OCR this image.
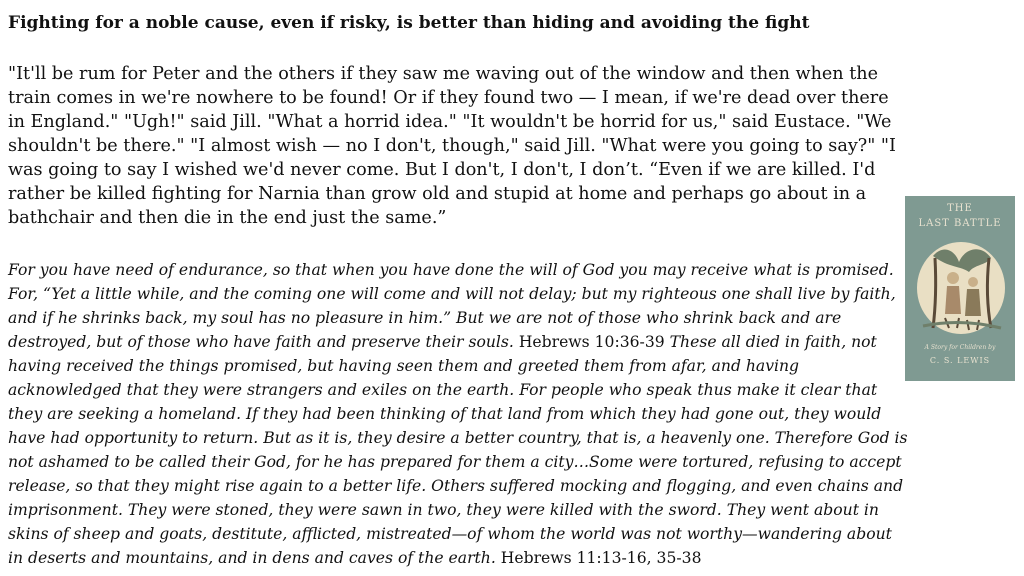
Fighting for a noble cause, even if risky, is better than hiding and avoiding the fight

"It'll be rum for Peter and the others if they saw me waving out of the window and then when the train comes in we're nowhere to be found! Or if they found two — I mean, if we're dead over there in England." "Ugh!" said Jill. "What a horrid idea." "It wouldn't be horrid for us," said Eustace. "We shouldn't be there." "I almost wish — no I don't, though," said Jill. "What were you going to say?" "I was going to say I wished we'd never come. But I don't, I don't, I don’t. “Even if we are killed. I'd rather be killed fighting for Narnia than grow old and stupid at home and perhaps go about in a bathchair and then die in the end just the same.”

For you have need of endurance, so that when you have done the will of God you may receive what is promised. For, “Yet a little while, and the coming one will come and will not delay; but my righteous one shall live by faith, and if he shrinks back, my soul has no pleasure in him.” But we are not of those who shrink back and are destroyed, but of those who have faith and preserve their souls. Hebrews 10:36-39 These all died in faith, not having received the things promised, but having seen them and greeted them from afar, and having acknowledged that they were strangers and exiles on the earth. For people who speak thus make it clear that they are seeking a homeland. If they had been thinking of that land from which they had gone out, they would have had opportunity to return. But as it is, they desire a better country, that is, a heavenly one. Therefore God is not ashamed to be called their God, for he has prepared for them a city…Some were tortured, refusing to accept release, so that they might rise again to a better life. Others suffered mocking and flogging, and even chains and imprisonment. They were stoned, they were sawn in two, they were killed with the sword. They went about in skins of sheep and goats, destitute, afflicted, mistreated—of whom the world was not worthy—wandering about in deserts and mountains, and in dens and caves of the earth. Hebrews 11:13-16, 35-38

THE
LAST BATTLE
A Story for Children by
C. S. LEWIS
